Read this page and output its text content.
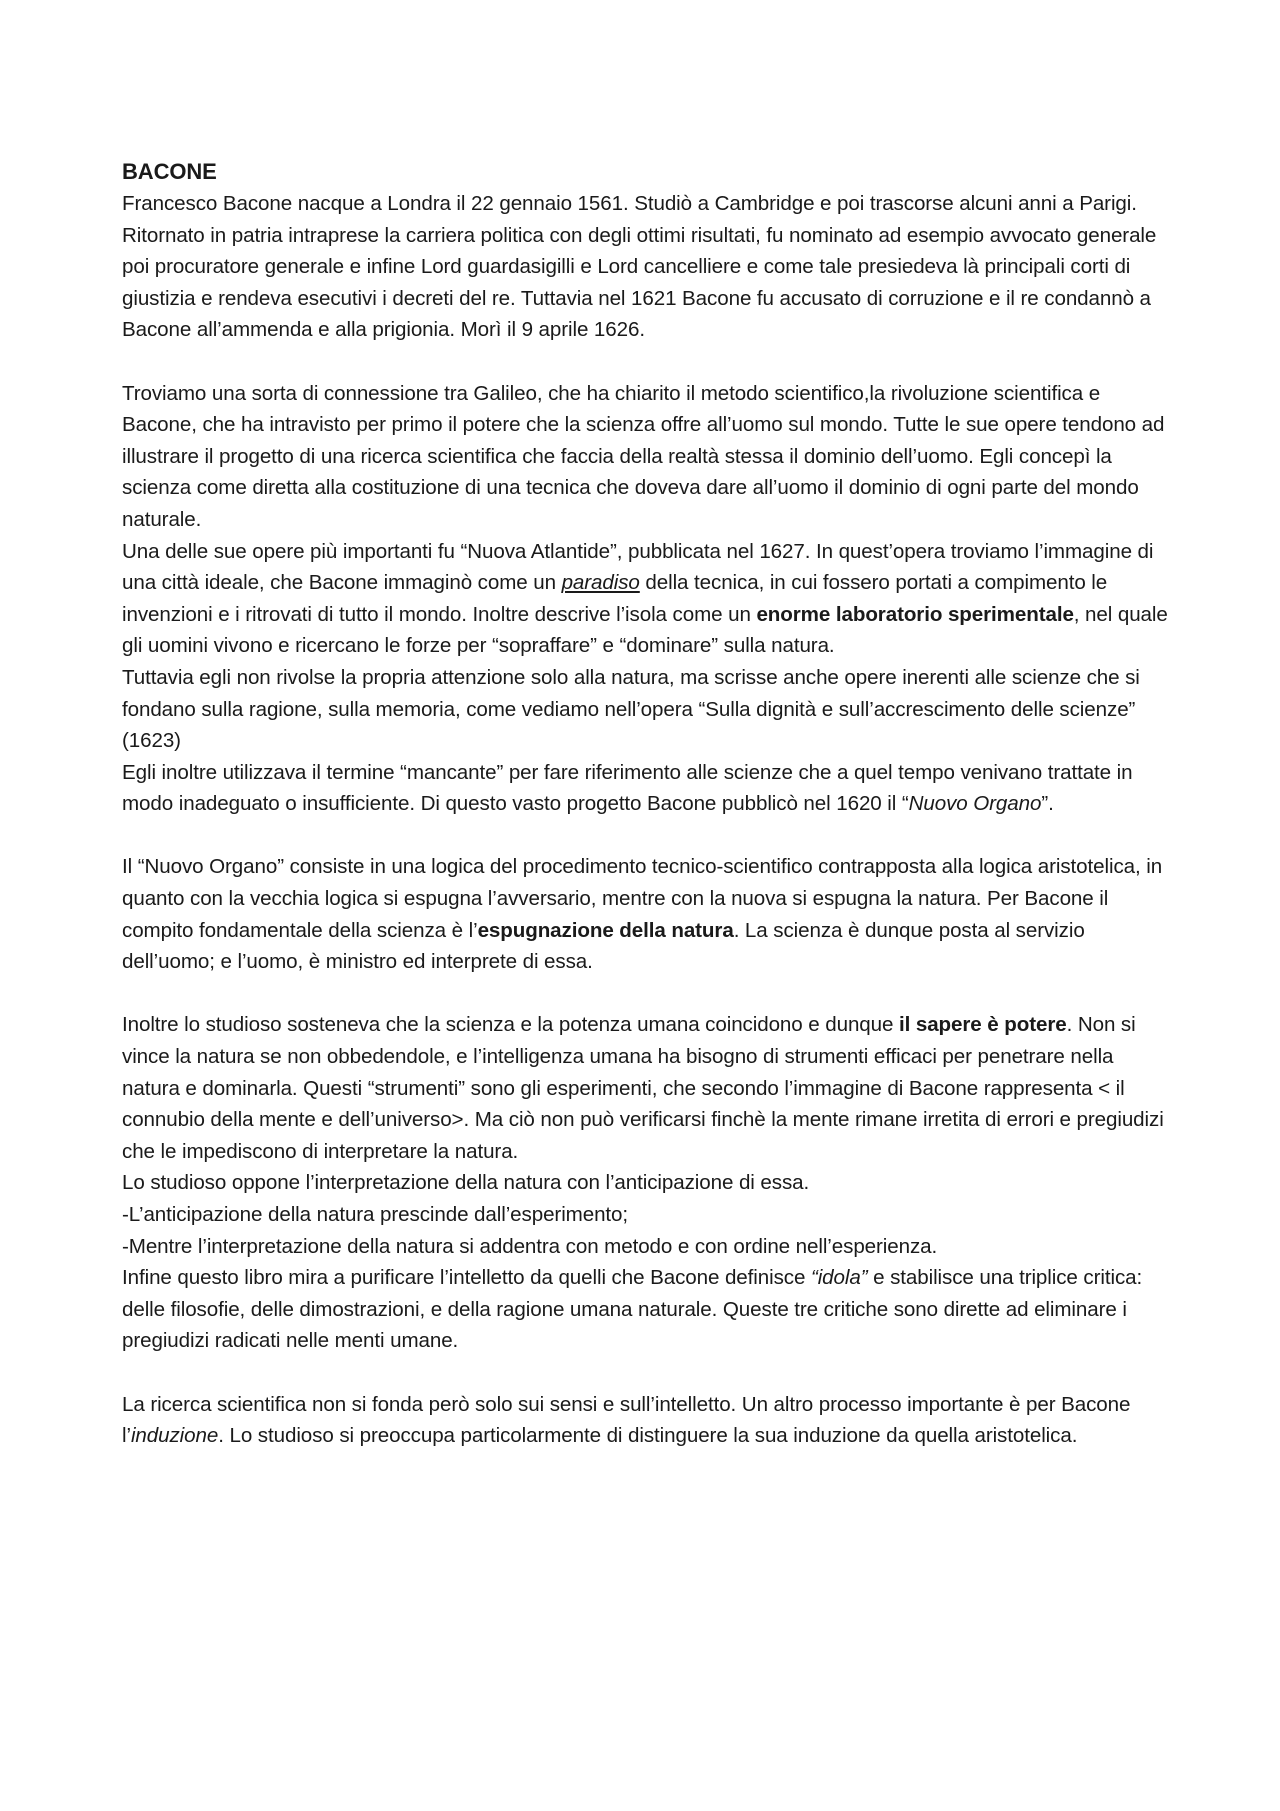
BACONE

Francesco Bacone nacque a Londra il 22 gennaio 1561. Studiò a Cambridge e poi trascorse alcuni anni a Parigi. Ritornato in patria intraprese la carriera politica con degli ottimi risultati, fu nominato ad esempio avvocato generale poi procuratore generale e infine Lord guardasigilli e Lord cancelliere e come tale presiedeva là principali corti di giustizia e rendeva esecutivi i decreti del re. Tuttavia nel 1621 Bacone fu accusato di corruzione e il re condannò a Bacone all’ammenda e alla prigionia. Morì il 9 aprile 1626.

Troviamo una sorta di connessione tra Galileo, che ha chiarito il metodo scientifico,la rivoluzione scientifica e Bacone, che ha intravisto per primo il potere che la scienza offre all’uomo sul mondo. Tutte le sue opere tendono ad illustrare il progetto di una ricerca scientifica che faccia della realtà stessa il dominio dell’uomo. Egli concepì la scienza come diretta alla costituzione di una tecnica che doveva dare all’uomo il dominio di ogni parte del mondo naturale.

Una delle sue opere più importanti fu “Nuova Atlantide”, pubblicata nel 1627. In quest’opera troviamo l’immagine di una città ideale, che Bacone immaginò come un paradiso della tecnica, in cui fossero portati a compimento le invenzioni e i ritrovati di tutto il mondo. Inoltre descrive l’isola come un enorme laboratorio sperimentale, nel quale gli uomini vivono e ricercano le forze per “sopraffare” e “dominare” sulla natura.

Tuttavia egli non rivolse la propria attenzione solo alla natura, ma scrisse anche opere inerenti alle scienze che si fondano sulla ragione, sulla memoria, come vediamo nell’opera “Sulla dignità e sull’accrescimento delle scienze” (1623)

Egli inoltre utilizzava il termine “mancante” per fare riferimento alle scienze che a quel tempo venivano trattate in modo inadeguato o insufficiente. Di questo vasto progetto Bacone pubblicò nel 1620 il “Nuovo Organo”.

Il “Nuovo Organo” consiste in una logica del procedimento tecnico-scientifico contrapposta alla logica aristotelica, in quanto con la vecchia logica si espugna l’avversario, mentre con la nuova si espugna la natura. Per Bacone il compito fondamentale della scienza è l’espugnazione della natura. La scienza è dunque posta al servizio dell’uomo; e l’uomo, è ministro ed interprete di essa.

Inoltre lo studioso sosteneva che la scienza e la potenza umana coincidono e dunque il sapere è potere. Non si vince la natura se non obbedendole, e l’intelligenza umana ha bisogno di strumenti efficaci per penetrare nella natura e dominarla. Questi “strumenti” sono gli esperimenti, che secondo l’immagine di Bacone rappresenta < il connubio della mente e dell’universo>. Ma ciò non può verificarsi finchè la mente rimane irretita di errori e pregiudizi che le impediscono di interpretare la natura.

Lo studioso oppone l’interpretazione della natura con l’anticipazione di essa.

-L’anticipazione della natura prescinde dall’esperimento;

-Mentre l’interpretazione della natura si addentra con metodo e con ordine nell’esperienza.

Infine questo libro mira a purificare l’intelletto da quelli che Bacone definisce “idola” e stabilisce una triplice critica: delle filosofie, delle dimostrazioni, e della ragione umana naturale. Queste tre critiche sono dirette ad eliminare i pregiudizi radicati nelle menti umane.

La ricerca scientifica non si fonda però solo sui sensi e sull’intelletto. Un altro processo importante è per Bacone l’induzione. Lo studioso si preoccupa particolarmente di distinguere la sua induzione da quella aristotelica.
